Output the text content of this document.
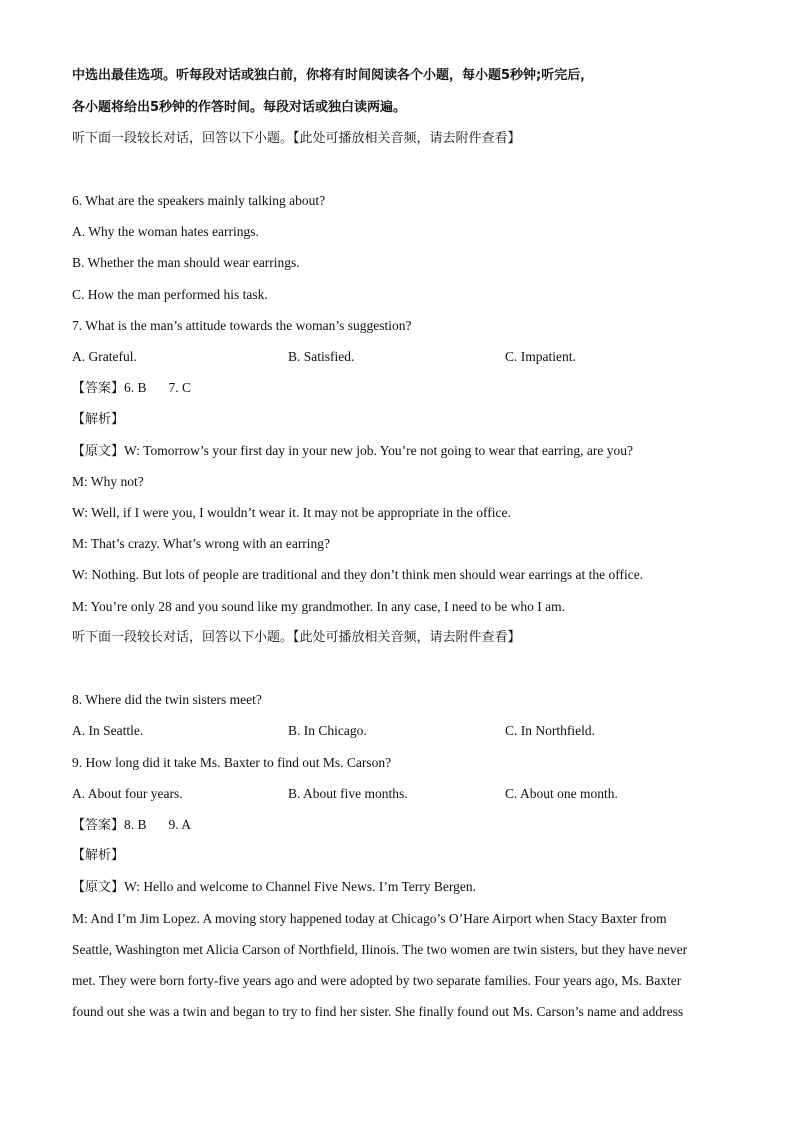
中选出最佳选项。听每段对话或独白前，你将有时间阅读各个小题，每小题5秒钟;听完后，
各小题将给出5秒钟的作答时间。每段对话或独白读两遍。
听下面一段较长对话，回答以下小题。【此处可播放相关音频，请去附件查看】
6. What are the speakers mainly talking about?
A. Why the woman hates earrings.
B. Whether the man should wear earrings.
C. How the man performed his task.
7. What is the man’s attitude towards the woman’s suggestion?
A. Grateful.	B. Satisfied.	C. Impatient.
【答案】6. B 7. C
【解析】
【原文】W: Tomorrow’s your first day in your new job. You’re not going to wear that earring, are you?
M: Why not?
W: Well, if I were you, I wouldn’t wear it. It may not be appropriate in the office.
M: That’s crazy. What’s wrong with an earring?
W: Nothing. But lots of people are traditional and they don’t think men should wear earrings at the office.
M: You’re only 28 and you sound like my grandmother. In any case, I need to be who I am.
听下面一段较长对话，回答以下小题。【此处可播放相关音频，请去附件查看】
8. Where did the twin sisters meet?
A. In Seattle.	B. In Chicago.	C. In Northfield.
9. How long did it take Ms. Baxter to find out Ms. Carson?
A. About four years.	B. About five months.	C. About one month.
【答案】8. B 9. A
【解析】
【原文】W: Hello and welcome to Channel Five News. I’m Terry Bergen.
M: And I’m Jim Lopez. A moving story happened today at Chicago’s O’Hare Airport when Stacy Baxter from
Seattle, Washington met Alicia Carson of Northfield, Ilinois. The two women are twin sisters, but they have never
met. They were born forty-five years ago and were adopted by two separate families. Four years ago, Ms. Baxter
found out she was a twin and began to try to find her sister. She finally found out Ms. Carson’s name and address
